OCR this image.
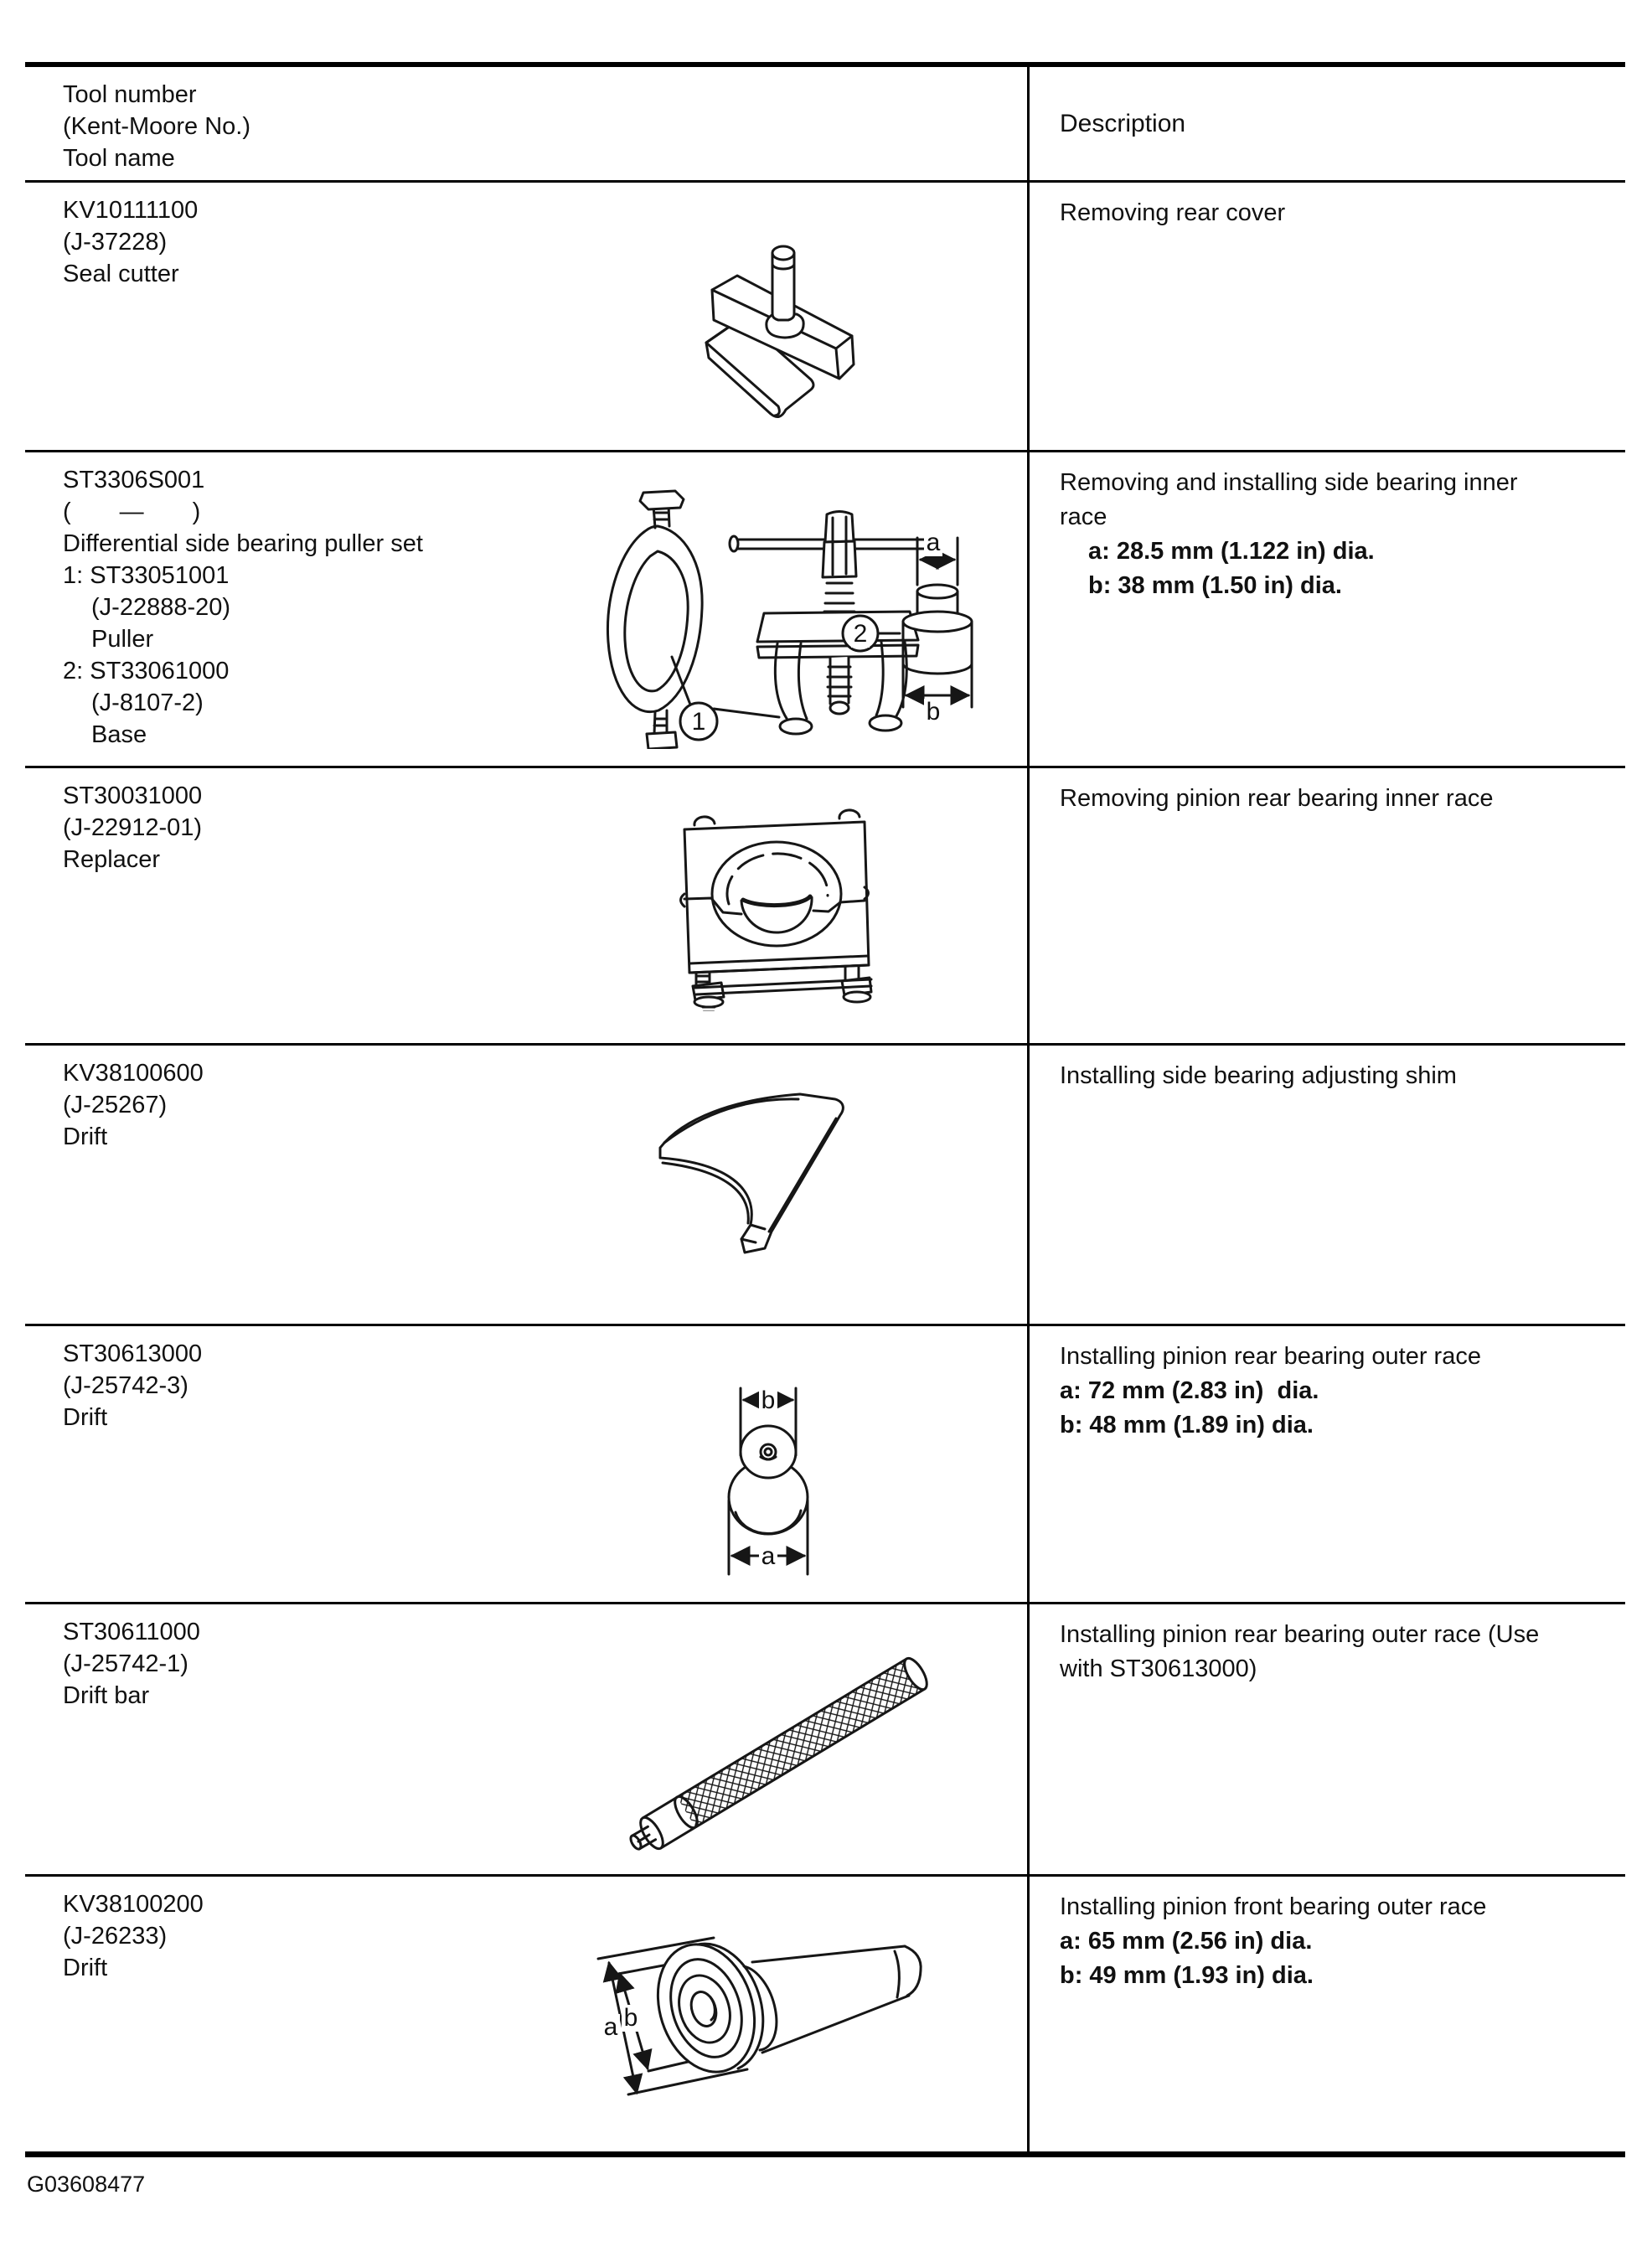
Tool number
(Kent-Moore No.)
Tool name
Description
KV10111100
(J-37228)
Seal cutter
Removing rear cover
ST3306S001
(  —  )
Differential side bearing puller set
1: ST33051001
(J-22888-20)
Puller
2: ST33061000
(J-8107-2)
Base
a
b
2
1
Removing and installing side bearing inner
race
a: 28.5 mm (1.122 in) dia.
b: 38 mm (1.50 in) dia.
ST30031000
(J-22912-01)
Replacer
Removing pinion rear bearing inner race
KV38100600
(J-25267)
Drift
Installing side bearing adjusting shim
ST30613000
(J-25742-3)
Drift
b
a
Installing pinion rear bearing outer race
a: 72 mm (2.83 in)  dia.
b: 48 mm (1.89 in) dia.
ST30611000
(J-25742-1)
Drift bar
Installing pinion rear bearing outer race (Use
with ST30613000)
KV38100200
(J-26233)
Drift
a b
Installing pinion front bearing outer race
a: 65 mm (2.56 in) dia.
b: 49 mm (1.93 in) dia.
G03608477
